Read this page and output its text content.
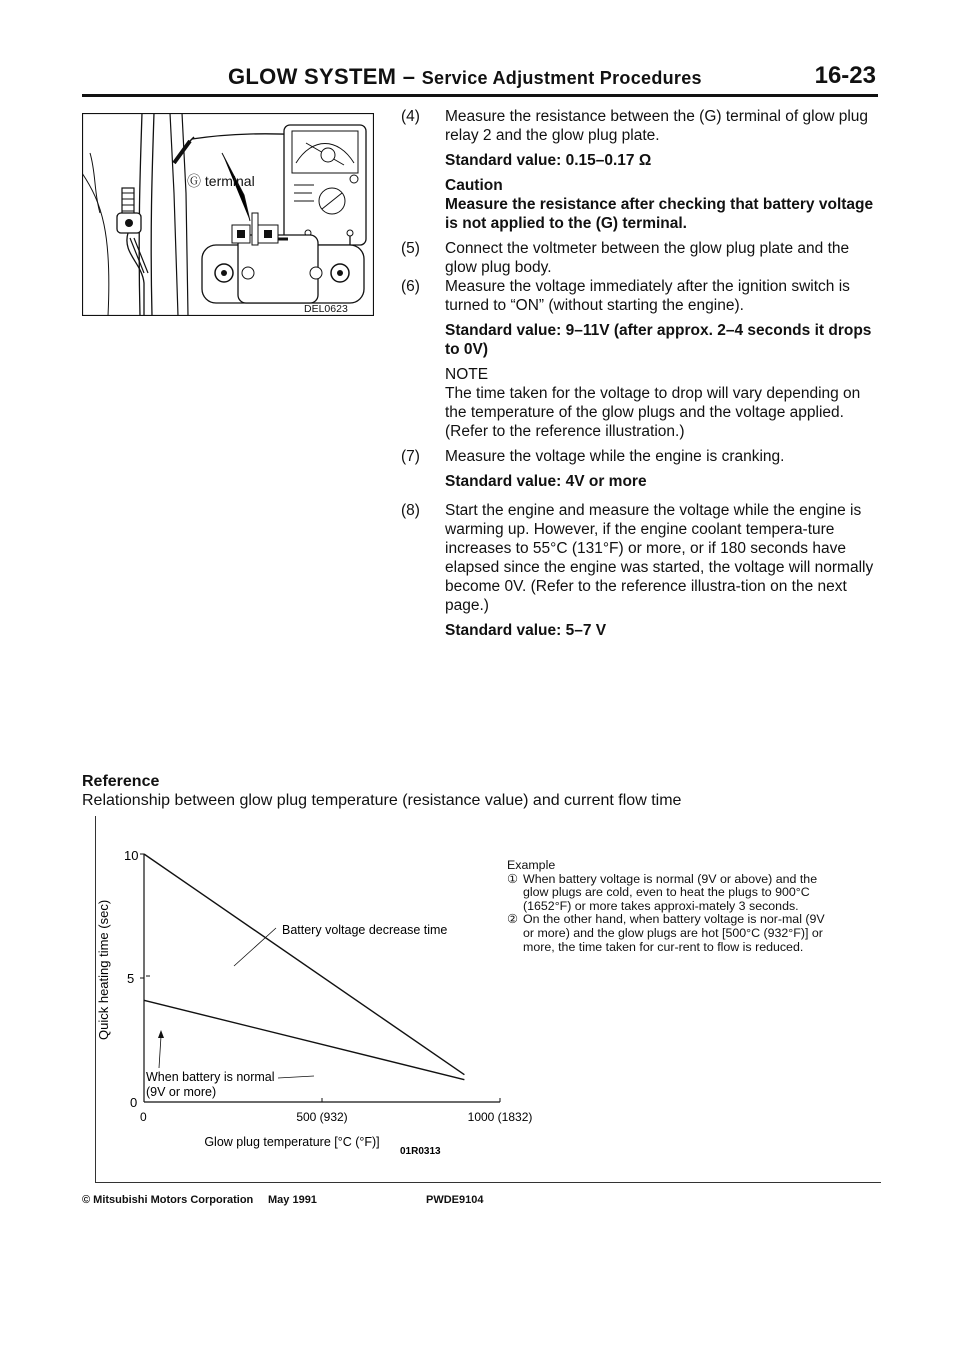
GLOW SYSTEM – Service Adjustment Procedures	16-23
Ⓖ terminal
DEL0623

(4) Measure the resistance between the (G) terminal of glow plug relay 2 and the glow plug plate.

Standard value: 0.15–0.17 Ω

Caution
Measure the resistance after checking that battery voltage is not applied to the (G) terminal.

(5) Connect the voltmeter between the glow plug plate and the glow plug body.

(6) Measure the voltage immediately after the ignition switch is turned to “ON” (without starting the engine).

Standard value: 9–11V (after approx. 2–4 seconds it drops to 0V)

NOTE
The time taken for the voltage to drop will vary depending on the temperature of the glow plugs and the voltage applied. (Refer to the reference illustration.)

(7) Measure the voltage while the engine is cranking.

Standard value: 4V or more

(8) Start the engine and measure the voltage while the engine is warming up. However, if the engine coolant tempera-ture increases to 55°C (131°F) or more, or if 180 seconds have elapsed since the engine was started, the voltage will normally become 0V. (Refer to the reference illustra-tion on the next page.)

Standard value: 5–7 V

Reference
Relationship between glow plug temperature (resistance value) and current flow time
10
5
0
0	500 (932)	1000 (1832)
Quick heating time (sec)
Glow plug temperature [°C (°F)]
01R0313
Battery voltage decrease time
When battery is normal
(9V or more)
Example
① When battery voltage is normal (9V or above) and the glow plugs are cold, even to heat the plugs to 900°C (1652°F) or more takes approxi-mately 3 seconds.
② On the other hand, when battery voltage is nor-mal (9V or more) and the glow plugs are hot [500°C (932°F)] or more, the time taken for cur-rent to flow is reduced.
© Mitsubishi Motors Corporation May 1991	PWDE9104
